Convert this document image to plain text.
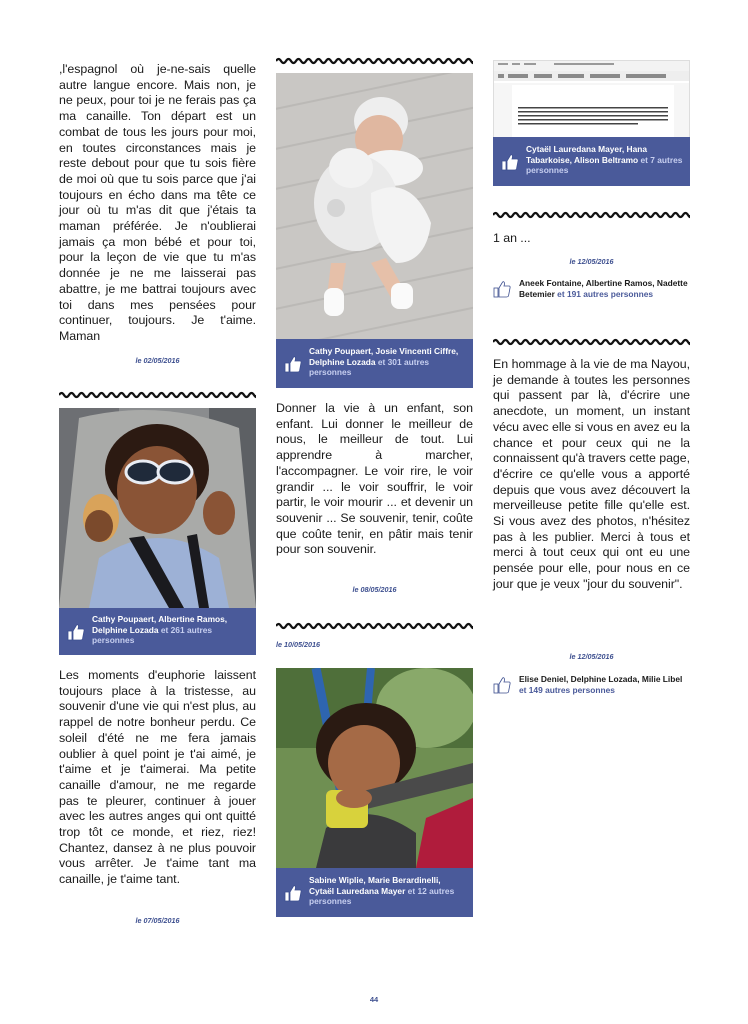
,l'espagnol où je-ne-sais quelle autre langue encore. Mais non, je ne peux, pour toi je ne ferais pas ça ma canaille. Ton départ est un combat de tous les jours pour moi, en toutes circonstances mais je reste debout pour que tu sois fière de moi où que tu sois parce que j'ai toujours en écho dans ma tête ce jour où tu m'as dit que j'étais ta maman préférée. Je n'oublierai jamais ça mon bébé et pour toi, pour la leçon de vie que tu m'as donnée je ne me laisserai pas abattre, je me battrai toujours avec toi dans mes pensées pour continuer, toujours. Je t'aime. Maman

le 02/05/2016
Cathy Poupaert, Albertine Ramos, Delphine Lozada et 261 autres personnes

Les moments d'euphorie laissent toujours place à la tristesse, au souvenir d'une vie qui n'est plus, au rappel de notre bonheur perdu. Ce soleil d'été ne me fera jamais oublier à quel point je t'ai aimé, je t'aime et je t'aimerai. Ma petite canaille d'amour, ne me regarde pas te pleurer, continuer à jouer avec les autres anges qui ont quitté trop tôt ce monde, et riez, riez! Chantez, dansez à ne plus pouvoir vous arrêter. Je t'aime tant ma canaille, je t'aime tant.

le 07/05/2016
Cathy Poupaert, Josie Vincenti Ciffre, Delphine Lozada et 301 autres personnes

Donner la vie à un enfant, son enfant. Lui donner le meilleur de nous, le meilleur de tout. Lui apprendre à marcher, l'accompagner. Le voir rire, le voir grandir ... le voir souffrir, le voir partir, le voir mourir ... et devenir un souvenir ... Se souvenir, tenir, coûte que coûte tenir, en pâtir mais tenir pour son souvenir.

le 08/05/2016
le 10/05/2016
Sabine Wiplie, Marie Berardinelli, Cytaël Lauredana Mayer et 12 autres personnes
Cytaël Lauredana Mayer, Hana Tabarkoise, Alison Beltramo et 7 autres personnes

1 an ...

le 12/05/2016
Aneek Fontaine, Albertine Ramos, Nadette Betemier et 191 autres personnes

En hommage à la vie de ma Nayou, je demande à toutes les personnes qui passent par là, d'écrire une anecdote, un moment, un instant vécu avec elle si vous en avez eu la chance et pour ceux qui ne la connaissent qu'à travers cette page, d'écrire ce qu'elle vous a apporté depuis que vous avez découvert la merveilleuse petite fille qu'elle est. Si vous avez des photos, n'hésitez pas à les publier. Merci à tous et merci à tout ceux qui ont eu une pensée pour elle, pour nous en ce jour que je veux "jour du souvenir".

le 12/05/2016
Elise Deniel, Delphine Lozada, Milie Libel et 149 autres personnes
44
